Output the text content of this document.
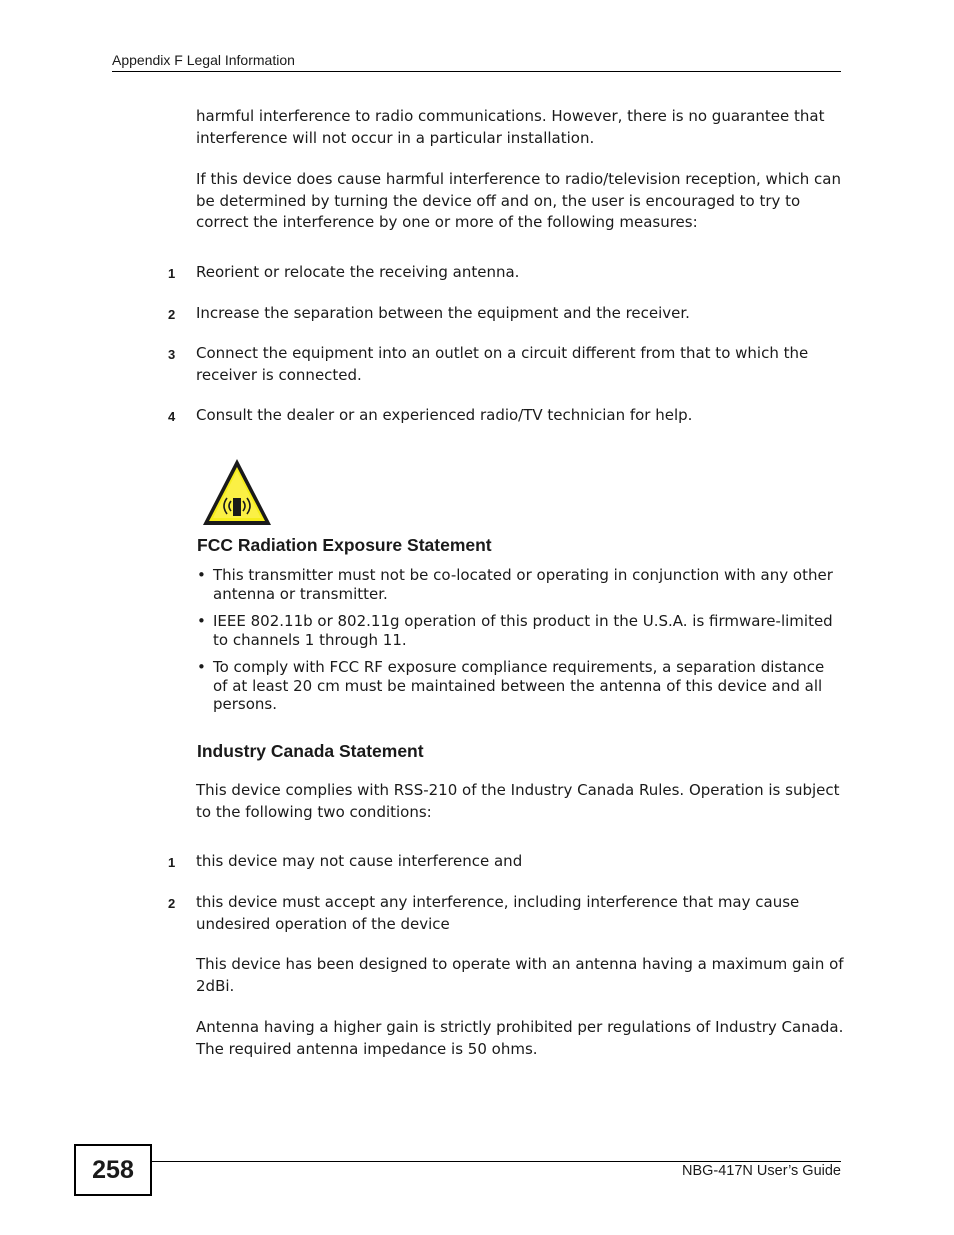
Appendix F Legal Information

harmful interference to radio communications. However, there is no guarantee that interference will not occur in a particular installation.

If this device does cause harmful interference to radio/television reception, which can be determined by turning the device off and on, the user is encouraged to try to correct the interference by one or more of the following measures:

1 Reorient or relocate the receiving antenna.
2 Increase the separation between the equipment and the receiver.
3 Connect the equipment into an outlet on a circuit different from that to which the receiver is connected.
4 Consult the dealer or an experienced radio/TV technician for help.
FCC Radiation Exposure Statement
• This transmitter must not be co-located or operating in conjunction with any other antenna or transmitter.
• IEEE 802.11b or 802.11g operation of this product in the U.S.A. is firmware-limited to channels 1 through 11.
• To comply with FCC RF exposure compliance requirements, a separation distance of at least 20 cm must be maintained between the antenna of this device and all persons.
Industry Canada Statement

This device complies with RSS-210 of the Industry Canada Rules. Operation is subject to the following two conditions:

1 this device may not cause interference and
2 this device must accept any interference, including interference that may cause undesired operation of the device

This device has been designed to operate with an antenna having a maximum gain of 2dBi.

Antenna having a higher gain is strictly prohibited per regulations of Industry Canada. The required antenna impedance is 50 ohms.

258	NBG-417N User’s Guide
